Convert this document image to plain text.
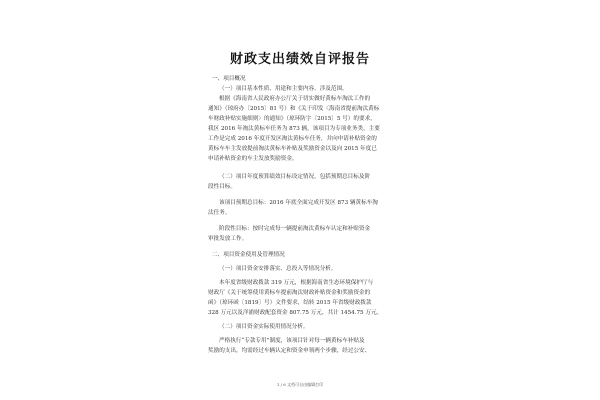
财政支出绩效自评报告
一、项目概况
（一）项目基本性质、用途和主要内容、涉及范围。
根据《海南省人民政府办公厅关于切实做好黄标车淘汰工作的
通知》（琼府办〔2015〕81 号）和《关于印发〈海南省提前淘汰黄标
车财政补贴实施细则〉的通知》（琼环防字〔2015〕5 号）的要求，
我区 2016 年淘汰黄标车任务为 873 辆，该项目为专项业务类，主要
工作是完成 2016 年度开发区淘汰黄标车任务，并向申请补贴资金的
黄标车车主发放提前淘汰黄标车补贴及奖励资金以及向 2015 年度已
申请补贴资金的车主发放奖励资金。
（二）项目年度预算绩效目标设定情况，包括预期总目标及阶
段性目标。
该项目预期总目标：2016 年底全面完成开发区 873 辆黄标车淘
汰任务。
阶段性目标：按时完成每一辆提前淘汰黄标车认定和补贴资金
审批发放工作。
二、项目资金使用及管理情况
（一）项目资金安排落实、总投入等情况分析。
本年度省级财政拨款 319 万元，根据海南省生态环境保护厅与
财政厅《关于统筹使用黄标车提前淘汰财政补贴资金和奖励资金的
函》（琼环函〔1819〕号）文件要求，结转 2015 年省级财政拨款
328 万元以及洋浦财政配套资金 807.75 万元，共计 1454.75 万元。
（二）项目资金实际使用情况分析。
严格执行“专款专用”制度，该项目针对每一辆黄标车补贴及
奖励的支出，均需经过车辆认定和资金申领两个步骤，经过公安、
1 / 6 文档可自由编辑打印
